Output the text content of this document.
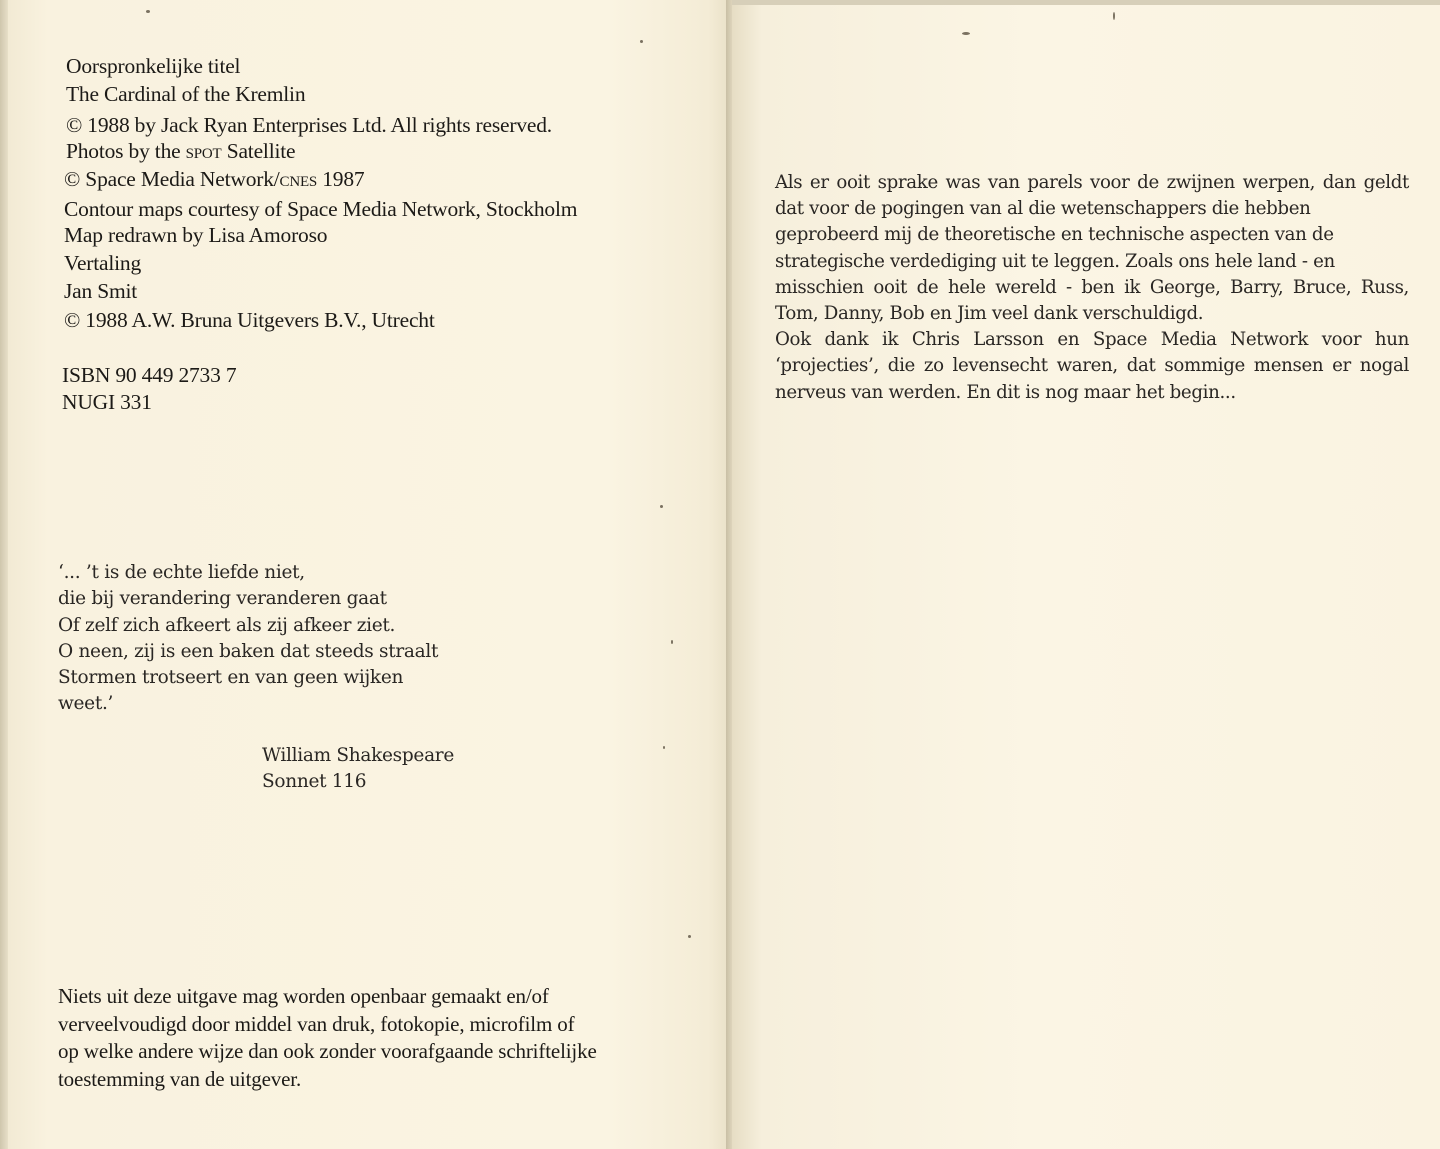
Oorspronkelijke titel

The Cardinal of the Kremlin

© 1988 by Jack Ryan Enterprises Ltd. All rights reserved.

Photos by the spot Satellite

© Space Media Network/cnes 1987

Contour maps courtesy of Space Media Network, Stockholm

Map redrawn by Lisa Amoroso

Vertaling

Jan Smit

© 1988 A.W. Bruna Uitgevers B.V., Utrecht

ISBN 90 449 2733 7

NUGI 331

‘... ’t is de echte liefde niet,
die bij verandering veranderen gaat
Of zelf zich afkeert als zij afkeer ziet.
O neen, zij is een baken dat steeds straalt
Stormen trotseert en van geen wijken
weet.’
William Shakespeare
Sonnet 116
Niets uit deze uitgave mag worden openbaar gemaakt en/of
verveelvoudigd door middel van druk, fotokopie, microfilm of
op welke andere wijze dan ook zonder voorafgaande schriftelijke
toestemming van de uitgever.
Als er ooit sprake was van parels voor de zwijnen werpen, dan geldt
dat voor de pogingen van al die wetenschappers die hebben
geprobeerd mij de theoretische en technische aspecten van de
strategische verdediging uit te leggen. Zoals ons hele land - en
misschien ooit de hele wereld - ben ik George, Barry, Bruce, Russ,
Tom, Danny, Bob en Jim veel dank verschuldigd.
Ook dank ik Chris Larsson en Space Media Network voor hun
‘projecties’, die zo levensecht waren, dat sommige mensen er nogal
nerveus van werden. En dit is nog maar het begin...
